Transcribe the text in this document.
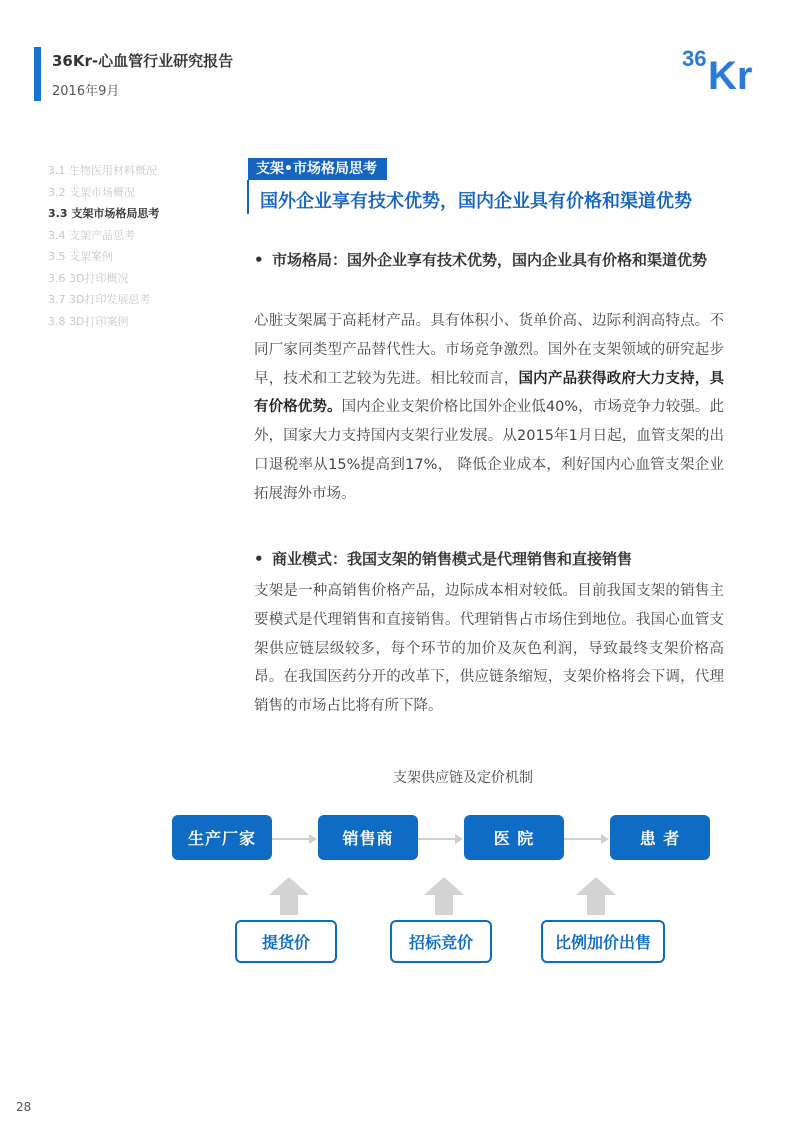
36Kr-心血管行业研究报告
2016年9月
36 Kr
3.1 生物医用材料概况
3.2 支架市场概况
3.3 支架市场格局思考
3.4 支架产品思考
3.5 支架案例
3.6 3D打印概况
3.7 3D打印发展思考
3.8 3D打印案例
支架•市场格局思考
国外企业享有技术优势，国内企业具有价格和渠道优势
• 市场格局：国外企业享有技术优势，国内企业具有价格和渠道优势
心脏支架属于高耗材产品。具有体积小、货单价高、边际利润高特点。不同厂家同类型产品替代性大。市场竞争激烈。国外在支架领域的研究起步早，技术和工艺较为先进。相比较而言，国内产品获得政府大力支持，具有价格优势。国内企业支架价格比国外企业低40%，市场竞争力较强。此外，国家大力支持国内支架行业发展。从2015年1月日起，血管支架的出口退税率从15%提高到17%， 降低企业成本，利好国内心血管支架企业拓展海外市场。
• 商业模式：我国支架的销售模式是代理销售和直接销售
支架是一种高销售价格产品，边际成本相对较低。目前我国支架的销售主要模式是代理销售和直接销售。代理销售占市场住到地位。我国心血管支架供应链层级较多，每个环节的加价及灰色利润，导致最终支架价格高昂。在我国医药分开的改革下，供应链条缩短，支架价格将会下调，代理销售的市场占比将有所下降。
支架供应链及定价机制
生产厂家	销售商	医 院	患 者
提货价	招标竞价	比例加价出售
28
